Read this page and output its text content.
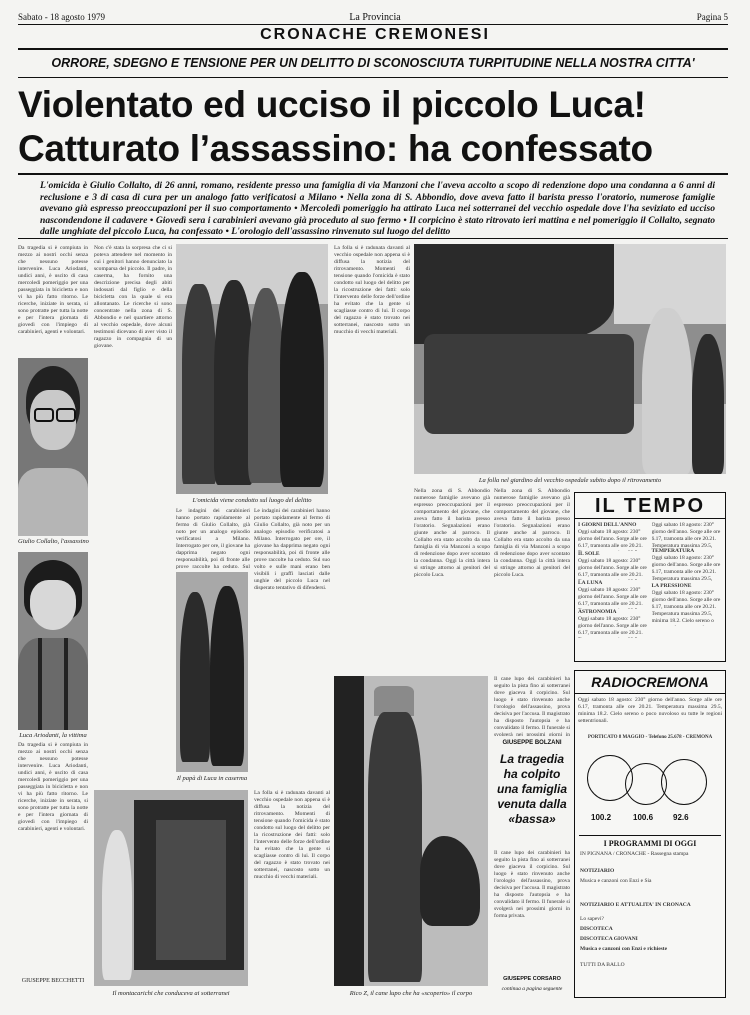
Sabato - 18 agosto 1979	La Provincia	Pagina 5
CRONACHE CREMONESI
ORRORE, SDEGNO E TENSIONE PER UN DELITTO DI SCONOSCIUTA TURPITUDINE NELLA NOSTRA CITTA'
Violentato ed ucciso il piccolo Luca!
Catturato l’assassino: ha confessato
L'omicida è Giulio Collalto, di 26 anni, romano, residente presso una famiglia di via Manzoni che l'aveva accolto a scopo di redenzione dopo una condanna a 6 anni di reclusione e 3 di casa di cura per un analogo fatto verificatosi a Milano • Nella zona di S. Abbondio, dove aveva fatto il barista presso l'oratorio, numerose famiglie avevano già espresso preoccupazioni per il suo comportamento • Mercoledì pomeriggio ha attirato Luca nei sotterranei del vecchio ospedale dove l'ha seviziato ed ucciso nascondendone il cadavere • Giovedì sera i carabinieri avevano già proceduto al suo fermo • Il corpicino è stato ritrovato ieri mattina e nel pomeriggio il Collalto, segnato dalle unghiate del piccolo Luca, ha confessato • L'orologio dell'assassino rinvenuto sul luogo del delitto
Da tragedia si è compiuta in mezzo ai nostri occhi senza che nessuno potesse intervenire. Luca Ariodanti, undici anni, è uscito di casa mercoledì pomeriggio per una passeggiata in bicicletta e non vi ha più fatto ritorno. Le ricerche, iniziate in serata, si sono protratte per tutta la notte e per l'intera giornata di giovedì con l'impiego di carabinieri, agenti e volontari.
Giulio Collalto, l'assassino
Luca Ariodanti, la vittima
Da tragedia si è compiuta in mezzo ai nostri occhi senza che nessuno potesse intervenire. Luca Ariodanti, undici anni, è uscito di casa mercoledì pomeriggio per una passeggiata in bicicletta e non vi ha più fatto ritorno. Le ricerche, iniziate in serata, si sono protratte per tutta la notte e per l'intera giornata di giovedì con l'impiego di carabinieri, agenti e volontari.
GIUSEPPE BECCHETTI
Non c'è stata la sorpresa che ci si poteva attendere nel momento in cui i genitori hanno denunciato la scomparsa del piccolo. Il padre, in caserma, ha fornito una descrizione precisa degli abiti indossati dal figlio e della bicicletta con la quale si era allontanato. Le ricerche si sono concentrate nella zona di S. Abbondio e nel quartiere attorno al vecchio ospedale, dove alcuni testimoni dicevano di aver visto il ragazzo in compagnia di un giovane.
L'omicida viene condotto sul luogo del delitto
Le indagini dei carabinieri hanno portato rapidamente al fermo di Giulio Collalto, già noto per un analogo episodio verificatosi a Milano. Interrogato per ore, il giovane ha dapprima negato ogni responsabilità, poi di fronte alle prove raccolte ha ceduto. Sul
Le indagini dei carabinieri hanno portato rapidamente al fermo di Giulio Collalto, già noto per un analogo episodio verificatosi a Milano. Interrogato per ore, il giovane ha dapprima negato ogni responsabilità, poi di fronte alle prove raccolte ha ceduto. Sul suo volto e sulle mani erano ben visibili i graffi lasciati dalle unghie del piccolo Luca nel disperato tentativo di difendersi.
Il papà di Luca in caserma
Il montacarichi che conduceva ai sotterranei
La folla si è radunata davanti al vecchio ospedale non appena si è diffusa la notizia del ritrovamento. Momenti di tensione quando l'omicida è stato condotto sul luogo del delitto per la ricostruzione dei fatti: solo l'intervento delle forze dell'ordine ha evitato che la gente si scagliasse contro di lui. Il corpo del ragazzo è stato trovato nei sotterranei, nascosto sotto un mucchio di vecchi materiali.
La folla si è radunata davanti al vecchio ospedale non appena si è diffusa la notizia del ritrovamento. Momenti di tensione quando l'omicida è stato condotto sul luogo del delitto per la ricostruzione dei fatti: solo l'intervento delle forze dell'ordine ha evitato che la gente si scagliasse contro di lui. Il corpo del ragazzo è stato trovato nei sotterranei, nascosto sotto un mucchio di vecchi materiali.
La folla nel giardino del vecchio ospedale subito dopo il ritrovamento
Nella zona di S. Abbondio numerose famiglie avevano già espresso preoccupazioni per il comportamento del giovane, che aveva fatto il barista presso l'oratorio. Segnalazioni erano giunte anche al parroco. Il Collalto era stato accolto da una famiglia di via Manzoni a scopo di redenzione dopo aver scontato la condanna. Oggi la città intera si stringe attorno ai genitori del piccolo Luca.
Nella zona di S. Abbondio numerose famiglie avevano già espresso preoccupazioni per il comportamento del giovane, che aveva fatto il barista presso l'oratorio. Segnalazioni erano giunte anche al parroco. Il Collalto era stato accolto da una famiglia di via Manzoni a scopo di redenzione dopo aver scontato la condanna. Oggi la città intera si stringe attorno ai genitori del piccolo Luca.
Rico Z, il cane lupo che ha «scoperto» il corpo
Il cane lupo dei carabinieri ha seguito la pista fino ai sotterranei dove giaceva il corpicino. Sul luogo è stato rinvenuto anche l'orologio dell'assassino, prova decisiva per l'accusa. Il magistrato ha disposto l'autopsia e ha convalidato il fermo. Il funerale si svolgerà nei prossimi giorni in
GIUSEPPE BOLZANI
La tragedia ha colpito una famiglia venuta dalla «bassa»
Il cane lupo dei carabinieri ha seguito la pista fino ai sotterranei dove giaceva il corpicino. Sul luogo è stato rinvenuto anche l'orologio dell'assassino, prova decisiva per l'accusa. Il magistrato ha disposto l'autopsia e ha convalidato il fermo. Il funerale si svolgerà nei prossimi giorni in forma privata.
GIUSEPPE CORSARO
continua a pagina seguente
IL TEMPO
I GIORNI DELL'ANNO
Oggi sabato 18 agosto: 230° giorno dell'anno. Sorge alle ore 6.17, tramonta alle ore 20.21.
IL SOLE
Oggi sabato 18 agosto: 230° giorno dell'anno. Sorge alle ore 6.17, tramonta alle ore 20.21.
LA LUNA
Oggi sabato 18 agosto: 230° giorno dell'anno. Sorge alle ore 6.17, tramonta alle ore 20.21.
ASTRONOMIA
Oggi sabato 18 agosto: 230° giorno dell'anno. Sorge alle ore 6.17, tramonta alle ore 20.21.
Oggi sabato 18 agosto: 230° giorno dell'anno. Sorge alle ore 6.17, tramonta alle ore 20.21. Temperatura massima 29.5,
TEMPERATURA
Oggi sabato 18 agosto: 230° giorno dell'anno. Sorge alle ore 6.17, tramonta alle ore 20.21. Temperatura massima 29.5,
LA PRESSIONE
Oggi sabato 18 agosto: 230° giorno dell'anno. Sorge alle ore 6.17, tramonta alle ore 20.21. Temperatura massima 29.5, minima 18.2. Cielo sereno o
RADIOCREMONA
Oggi sabato 18 agosto: 230° giorno dell'anno. Sorge alle ore 6.17, tramonta alle ore 20.21. Temperatura massima 29.5, minima 18.2. Cielo sereno o poco nuvoloso su tutte le regioni settentrionali.
PORTICATO 8 MAGGIO - Telefono 25.678 - CREMONA
100.2	100.6 92.6
I PROGRAMMI DI OGGI
IN PIGNANA / CRONACHE - Rassegna stampa
NOTIZIARIO
Musica e canzoni con Enzi e Sia
NOTIZIARIO E ATTUALITA' IN CRONACA
Lo sapevi?
DISCOTECA
DISCOTECA GIOVANI
Musica e canzoni con Enzi e richieste
TUTTI DA BALLO
